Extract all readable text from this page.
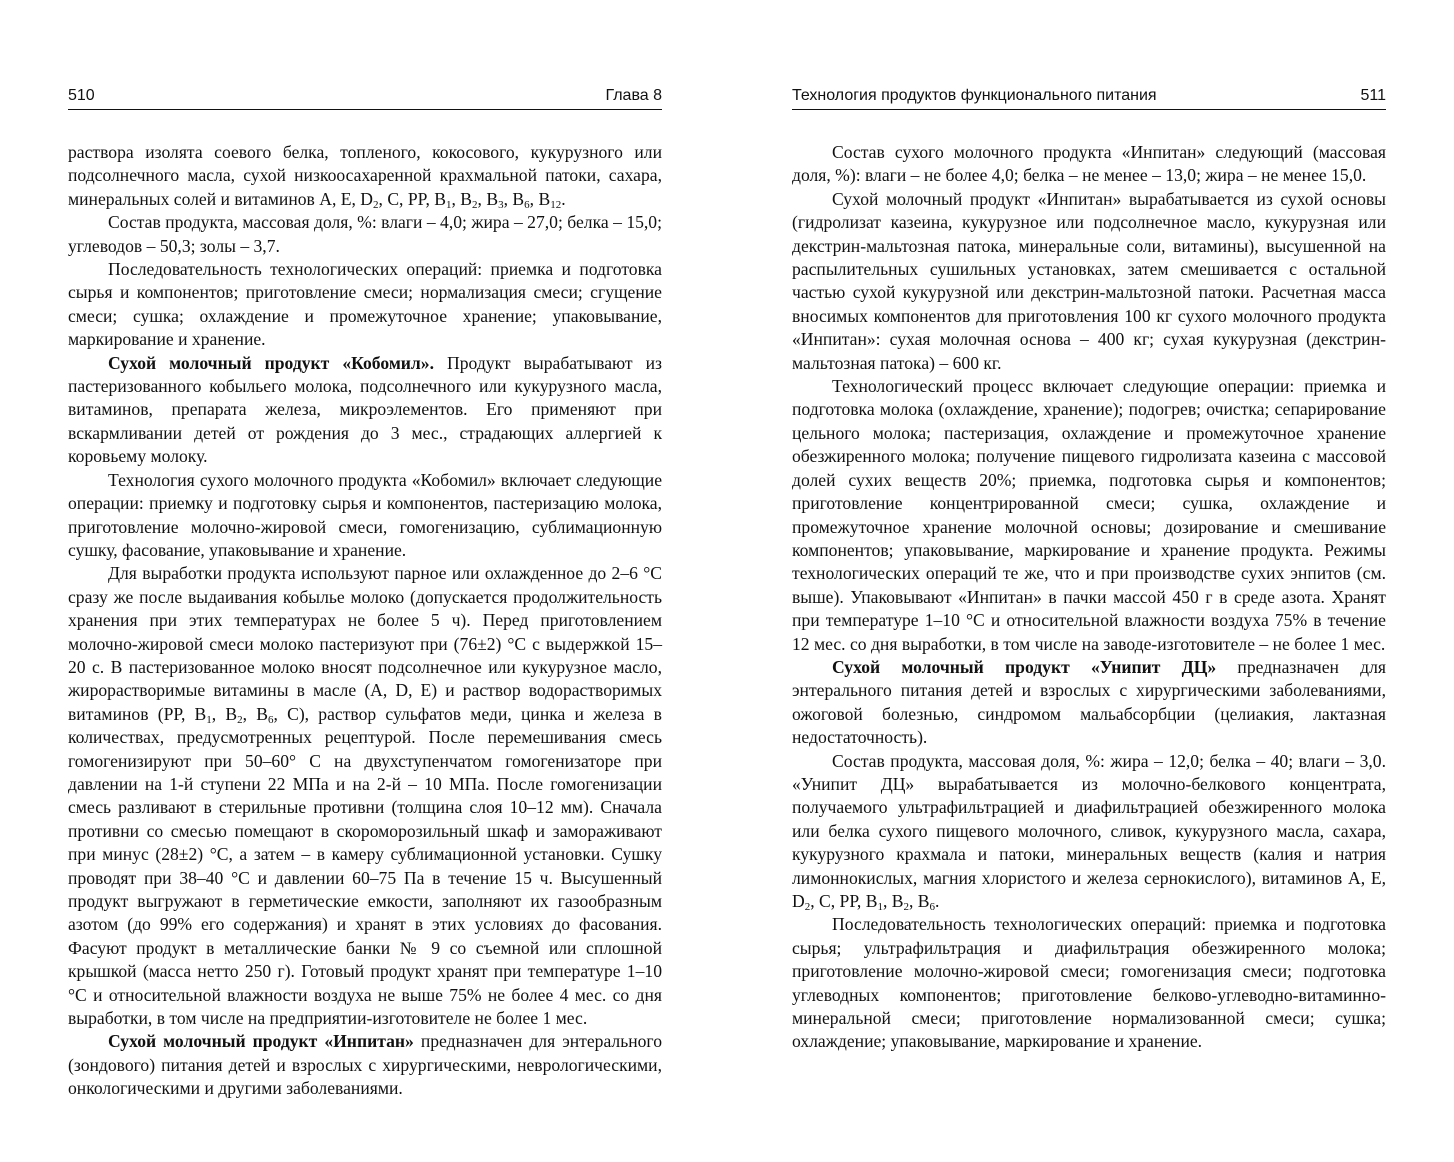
510	Глава 8

раствора изолята соевого белка, топленого, кокосового, кукурузного или подсолнечного масла, сухой низкоосахаренной крахмальной патоки, сахара, минеральных солей и витаминов А, Е, $D_2$, С, PP, $B_1$, $B_2$, $B_3$, $B_6$, $B_{12}$.

Состав продукта, массовая доля, %: влаги – 4,0; жира – 27,0; белка – 15,0; углеводов – 50,3; золы – 3,7.

Последовательность технологических операций: приемка и подготовка сырья и компонентов; приготовление смеси; нормализация смеси; сгущение смеси; сушка; охлаждение и промежуточное хранение; упаковывание, маркирование и хранение.

Сухой молочный продукт «Кобомил». Продукт вырабатывают из пастеризованного кобыльего молока, подсолнечного или кукурузного масла, витаминов, препарата железа, микроэлементов. Его применяют при вскармливании детей от рождения до 3 мес., страдающих аллергией к коровьему молоку.

Технология сухого молочного продукта «Кобомил» включает следующие операции: приемку и подготовку сырья и компонентов, пастеризацию молока, приготовление молочно-жировой смеси, гомогенизацию, сублимационную сушку, фасование, упаковывание и хранение.

Для выработки продукта используют парное или охлажденное до 2–6 °С сразу же после выдаивания кобылье молоко (допускается продолжительность хранения при этих температурах не более 5 ч). Перед приготовлением молочно-жировой смеси молоко пастеризуют при (76±2) °С с выдержкой 15–20 с. В пастеризованное молоко вносят подсолнечное или кукурузное масло, жирорастворимые витамины в масле (A, D, E) и раствор водорастворимых витаминов (РР, $В_1$, $В_2$, $В_6$, С), раствор сульфатов меди, цинка и железа в количествах, предусмотренных рецептурой. После перемешивания смесь гомогенизируют при 50–60° С на двухступенчатом гомогенизаторе при давлении на 1-й ступени 22 МПа и на 2-й – 10 МПа. После гомогенизации смесь разливают в стерильные противни (толщина слоя 10–12 мм). Сначала противни со смесью помещают в скороморозильный шкаф и замораживают при минус (28±2) °С, а затем – в камеру сублимационной установки. Сушку проводят при 38–40 °С и давлении 60–75 Па в течение 15 ч. Высушенный продукт выгружают в герметические емкости, заполняют их газообразным азотом (до 99% его содержания) и хранят в этих условиях до фасования. Фасуют продукт в металлические банки № 9 со съемной или сплошной крышкой (масса нетто 250 г). Готовый продукт хранят при температуре 1–10 °С и относительной влажности воздуха не выше 75% не более 4 мес. со дня выработки, в том числе на предприятии-изготовителе не более 1 мес.

Сухой молочный продукт «Инпитан» предназначен для энтерального (зондового) питания детей и взрослых с хирургическими, неврологическими, онкологическими и другими заболеваниями.

Технология продуктов функционального питания	511

Состав сухого молочного продукта «Инпитан» следующий (массовая доля, %): влаги – не более 4,0; белка – не менее – 13,0; жира – не менее 15,0.

Сухой молочный продукт «Инпитан» вырабатывается из сухой основы (гидролизат казеина, кукурузное или подсолнечное масло, кукурузная или декстрин-мальтозная патока, минеральные соли, витамины), высушенной на распылительных сушильных установках, затем смешивается с остальной частью сухой кукурузной или декстрин-мальтозной патоки. Расчетная масса вносимых компонентов для приготовления 100 кг сухого молочного продукта «Инпитан»: сухая молочная основа – 400 кг; сухая кукурузная (декстрин-мальтозная патока) – 600 кг.

Технологический процесс включает следующие операции: приемка и подготовка молока (охлаждение, хранение); подогрев; очистка; сепарирование цельного молока; пастеризация, охлаждение и промежуточное хранение обезжиренного молока; получение пищевого гидролизата казеина с массовой долей сухих веществ 20%; приемка, подготовка сырья и компонентов; приготовление концентрированной смеси; сушка, охлаждение и промежуточное хранение молочной основы; дозирование и смешивание компонентов; упаковывание, маркирование и хранение продукта. Режимы технологических операций те же, что и при производстве сухих энпитов (см. выше). Упаковывают «Инпитан» в пачки массой 450 г в среде азота. Хранят при температуре 1–10 °С и относительной влажности воздуха 75% в течение 12 мес. со дня выработки, в том числе на заводе-изготовителе – не более 1 мес.

Сухой молочный продукт «Унипит ДЦ» предназначен для энтерального питания детей и взрослых с хирургическими заболеваниями, ожоговой болезнью, синдромом мальабсорбции (целиакия, лактазная недостаточность).

Состав продукта, массовая доля, %: жира – 12,0; белка – 40; влаги – 3,0. «Унипит ДЦ» вырабатывается из молочно-белкового концентрата, получаемого ультрафильтрацией и диафильтрацией обезжиренного молока или белка сухого пищевого молочного, сливок, кукурузного масла, сахара, кукурузного крахмала и патоки, минеральных веществ (калия и натрия лимоннокислых, магния хлористого и железа сернокислого), витаминов А, Е, $D_2$, С, РР, $B_1$, $B_2$, $B_6$.

Последовательность технологических операций: приемка и подготовка сырья; ультрафильтрация и диафильтрация обезжиренного молока; приготовление молочно-жировой смеси; гомогенизация смеси; подготовка углеводных компонентов; приготовление белково-углеводно-витаминно-минеральной смеси; приготовление нормализованной смеси; сушка; охлаждение; упаковывание, маркирование и хранение.
